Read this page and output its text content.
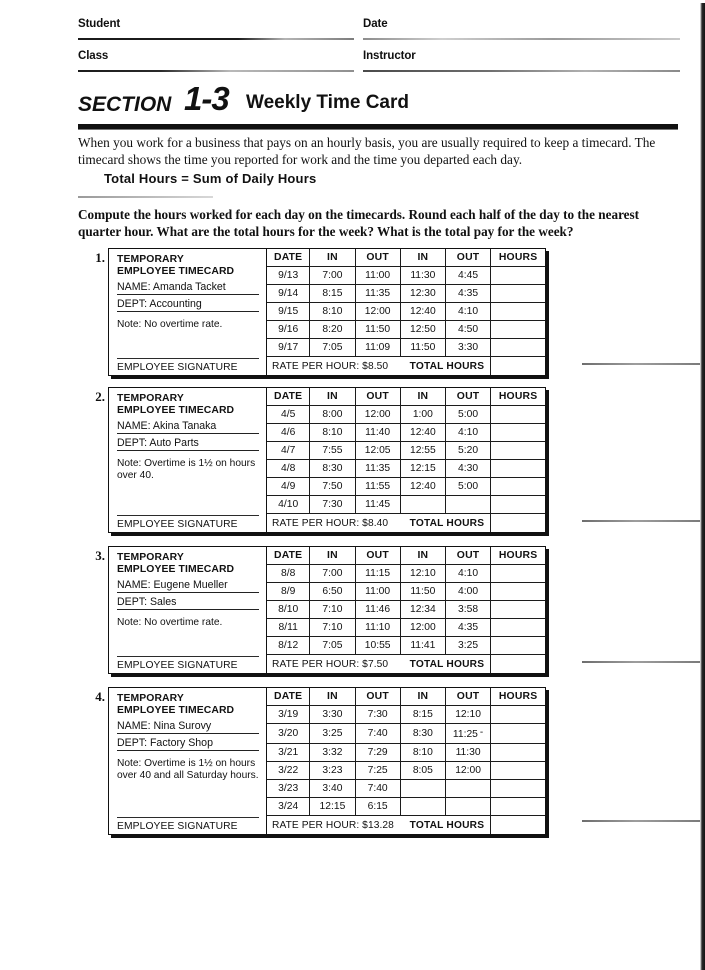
Student	Date
Class	Instructor
SECTION 1-3 Weekly Time Card
When you work for a business that pays on an hourly basis, you are usually required to keep a timecard. The timecard shows the time you reported for work and the time you departed each day.
Total Hours = Sum of Daily Hours
Compute the hours worked for each day on the timecards. Round each half of the day to the nearest quarter hour. What are the total hours for the week? What is the total pay for the week?
1. TEMPORARY
EMPLOYEE TIMECARD
NAME: Amanda Tacket
DEPT: Accounting
Note: No overtime rate.
EMPLOYEE SIGNATURE
DATE	IN	OUT	IN	OUT	HOURS
9/13	7:00	11:00	11:30	4:45	
9/14	8:15	11:35	12:30	4:35	
9/15	8:10	12:00	12:40	4:10	
9/16	8:20	11:50	12:50	4:50	
9/17	7:05	11:09	11:50	3:30	
RATE PER HOUR: $8.50 TOTAL HOURS
2. TEMPORARY
EMPLOYEE TIMECARD
NAME: Akina Tanaka
DEPT: Auto Parts
Note: Overtime is 1½ on hours over 40.
EMPLOYEE SIGNATURE
DATE	IN	OUT	IN	OUT	HOURS
4/5	8:00	12:00	1:00	5:00	
4/6	8:10	11:40	12:40	4:10	
4/7	7:55	12:05	12:55	5:20	
4/8	8:30	11:35	12:15	4:30	
4/9	7:50	11:55	12:40	5:00	
4/10	7:30	11:45			
RATE PER HOUR: $8.40 TOTAL HOURS
3. TEMPORARY
EMPLOYEE TIMECARD
NAME: Eugene Mueller
DEPT: Sales
Note: No overtime rate.
EMPLOYEE SIGNATURE
DATE	IN	OUT	IN	OUT	HOURS
8/8	7:00	11:15	12:10	4:10	
8/9	6:50	11:00	11:50	4:00	
8/10	7:10	11:46	12:34	3:58	
8/11	7:10	11:10	12:00	4:35	
8/12	7:05	10:55	11:41	3:25	
RATE PER HOUR: $7.50 TOTAL HOURS
4. TEMPORARY
EMPLOYEE TIMECARD
NAME: Nina Surovy
DEPT: Factory Shop
Note: Overtime is 1½ on hours over 40 and all Saturday hours.
EMPLOYEE SIGNATURE
DATE	IN	OUT	IN	OUT	HOURS
3/19	3:30	7:30	8:15	12:10	
3/20	3:25	7:40	8:30	11:25 -	
3/21	3:32	7:29	8:10	11:30	
3/22	3:23	7:25	8:05	12:00	
3/23	3:40	7:40			
3/24	12:15	6:15			
RATE PER HOUR: $13.28 TOTAL HOURS
